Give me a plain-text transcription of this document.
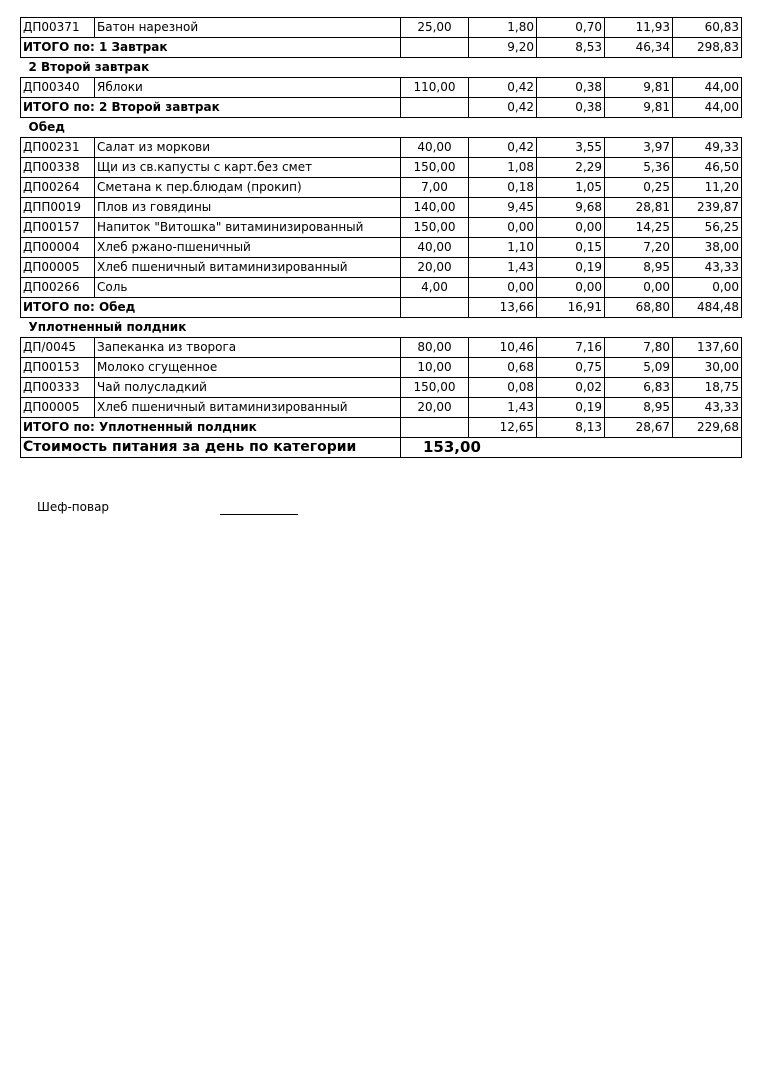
ДП00371	Батон нарезной	25,00	1,80	0,70	11,93	60,83
ИТОГО по: 1 Завтрак			9,20	8,53	46,34	298,83
2 Второй завтрак						
ДП00340	Яблоки	110,00	0,42	0,38	9,81	44,00
ИТОГО по: 2 Второй завтрак			0,42	0,38	9,81	44,00
Обед						
ДП00231	Салат из моркови	40,00	0,42	3,55	3,97	49,33
ДП00338	Щи из св.капусты с карт.без смет	150,00	1,08	2,29	5,36	46,50
ДП00264	Сметана к пер.блюдам (прокип)	7,00	0,18	1,05	0,25	11,20
ДПП0019	Плов из говядины	140,00	9,45	9,68	28,81	239,87
ДП00157	Напиток "Витошка" витаминизированный	150,00	0,00	0,00	14,25	56,25
ДП00004	Хлеб ржано-пшеничный	40,00	1,10	0,15	7,20	38,00
ДП00005	Хлеб пшеничный витаминизированный	20,00	1,43	0,19	8,95	43,33
ДП00266	Соль	4,00	0,00	0,00	0,00	0,00
ИТОГО по: Обед			13,66	16,91	68,80	484,48
Уплотненный полдник						
ДП/0045	Запеканка из творога	80,00	10,46	7,16	7,80	137,60
ДП00153	Молоко сгущенное	10,00	0,68	0,75	5,09	30,00
ДП00333	Чай полусладкий	150,00	0,08	0,02	6,83	18,75
ДП00005	Хлеб пшеничный витаминизированный	20,00	1,43	0,19	8,95	43,33
ИТОГО по: Уплотненный полдник			12,65	8,13	28,67	229,68
Стоимость питания за день по категории		153,00				
Шеф-повар
